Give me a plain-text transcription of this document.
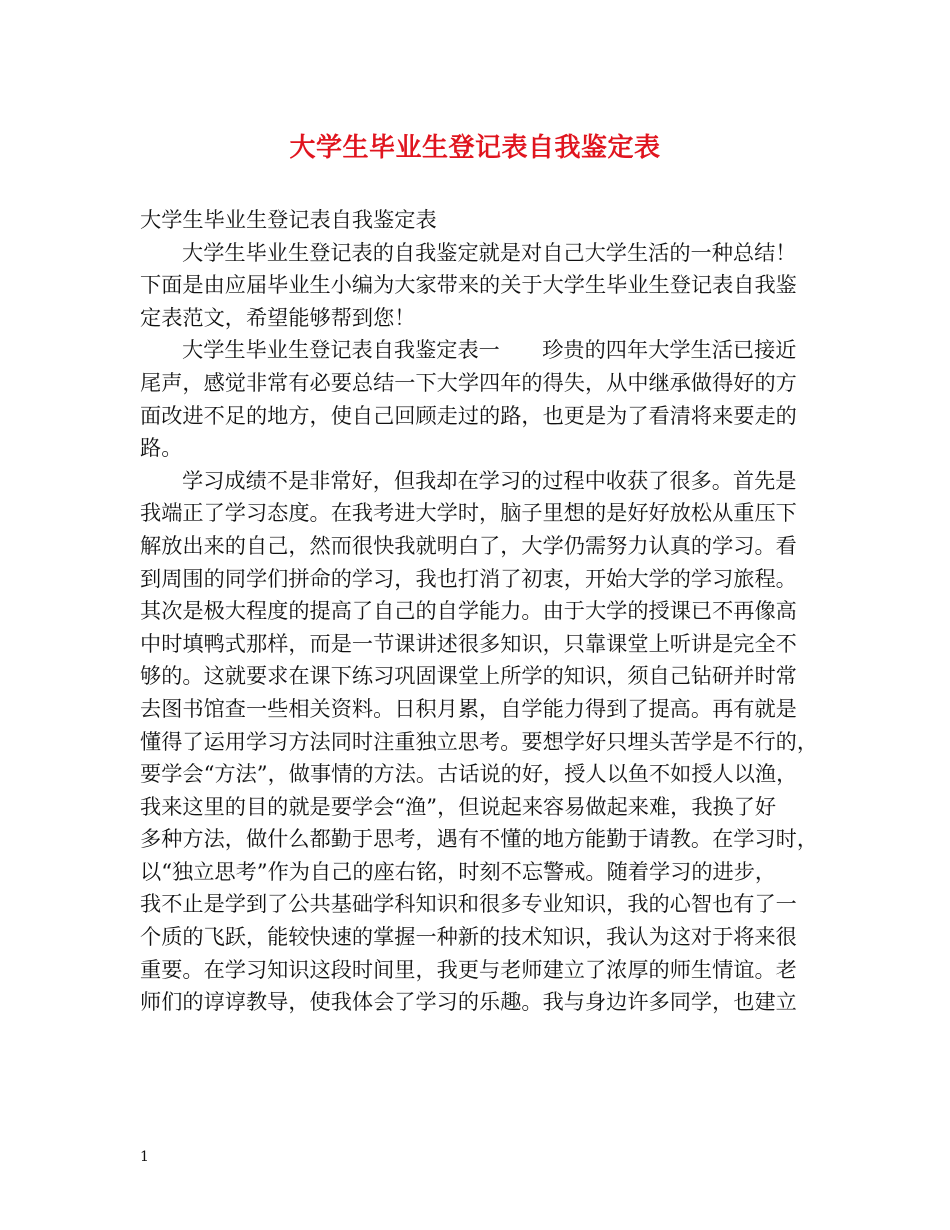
大学生毕业生登记表自我鉴定表
大学生毕业生登记表自我鉴定表
大学生毕业生登记表的自我鉴定就是对自己大学生活的一种总结！
下面是由应届毕业生小编为大家带来的关于大学生毕业生登记表自我鉴
定表范文，希望能够帮到您！
大学生毕业生登记表自我鉴定表一　　珍贵的四年大学生活已接近
尾声，感觉非常有必要总结一下大学四年的得失，从中继承做得好的方
面改进不足的地方，使自己回顾走过的路，也更是为了看清将来要走的
路。
学习成绩不是非常好，但我却在学习的过程中收获了很多。首先是
我端正了学习态度。在我考进大学时，脑子里想的是好好放松从重压下
解放出来的自己，然而很快我就明白了，大学仍需努力认真的学习。看
到周围的同学们拼命的学习，我也打消了初衷，开始大学的学习旅程。
其次是极大程度的提高了自己的自学能力。由于大学的授课已不再像高
中时填鸭式那样，而是一节课讲述很多知识，只靠课堂上听讲是完全不
够的。这就要求在课下练习巩固课堂上所学的知识，须自己钻研并时常
去图书馆查一些相关资料。日积月累，自学能力得到了提高。再有就是
懂得了运用学习方法同时注重独立思考。要想学好只埋头苦学是不行的，
要学会“方法”，做事情的方法。古话说的好，授人以鱼不如授人以渔，
我来这里的目的就是要学会“渔”，但说起来容易做起来难，我换了好
多种方法，做什么都勤于思考，遇有不懂的地方能勤于请教。在学习时，
以“独立思考”作为自己的座右铭，时刻不忘警戒。随着学习的进步，
我不止是学到了公共基础学科知识和很多专业知识，我的心智也有了一
个质的飞跃，能较快速的掌握一种新的技术知识，我认为这对于将来很
重要。在学习知识这段时间里，我更与老师建立了浓厚的师生情谊。老
师们的谆谆教导，使我体会了学习的乐趣。我与身边许多同学，也建立
1
